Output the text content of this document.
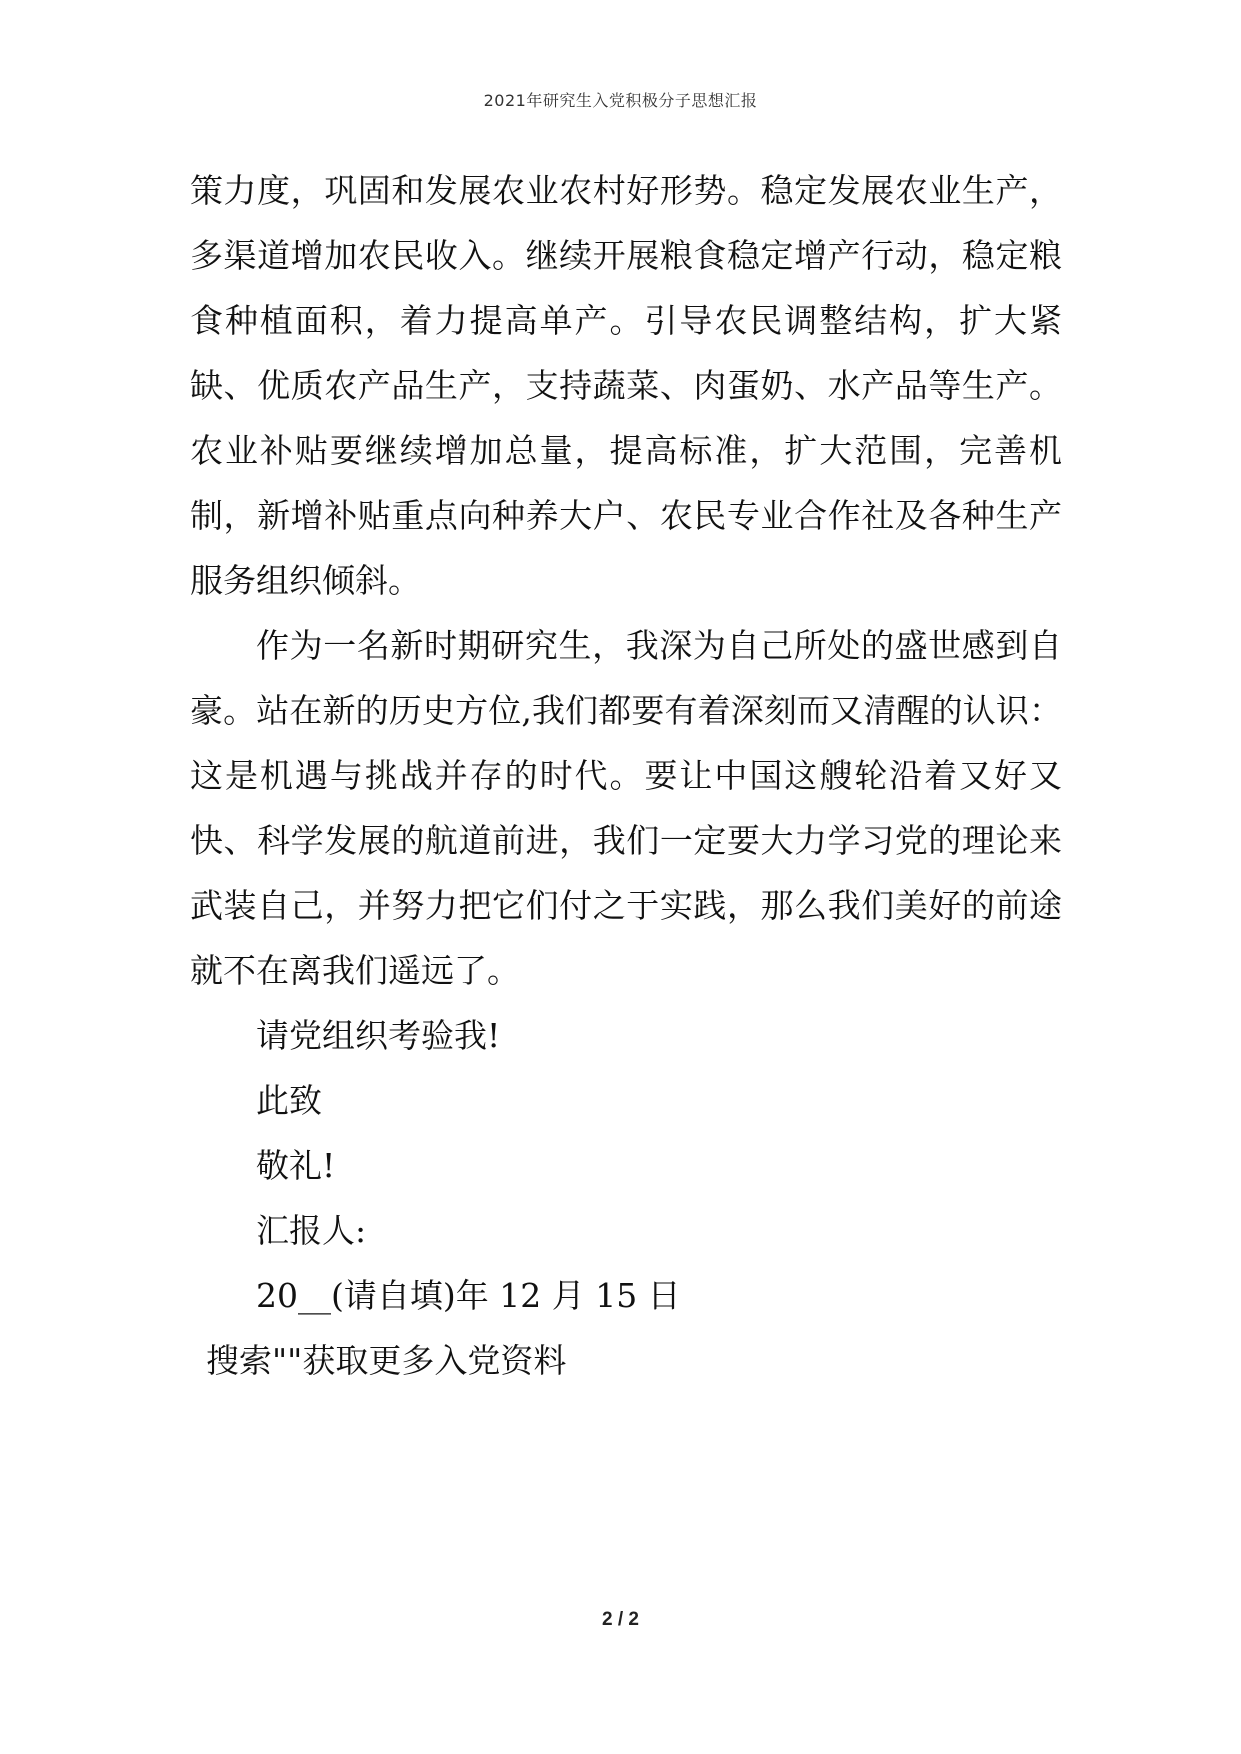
2021年研究生入党积极分子思想汇报

策力度，巩固和发展农业农村好形势。稳定发展农业生产，多渠道增加农民收入。继续开展粮食稳定增产行动，稳定粮食种植面积，着力提高单产。引导农民调整结构，扩大紧缺、优质农产品生产，支持蔬菜、肉蛋奶、水产品等生产。农业补贴要继续增加总量，提高标准，扩大范围，完善机制，新增补贴重点向种养大户、农民专业合作社及各种生产服务组织倾斜。

作为一名新时期研究生，我深为自己所处的盛世感到自豪。站在新的历史方位,我们都要有着深刻而又清醒的认识：这是机遇与挑战并存的时代。要让中国这艘轮沿着又好又快、科学发展的航道前进，我们一定要大力学习党的理论来武装自己，并努力把它们付之于实践，那么我们美好的前途就不在离我们遥远了。

请党组织考验我!

此致

敬礼!

汇报人:

20__(请自填)年 12 月 15 日

搜索""获取更多入党资料

2 / 2
